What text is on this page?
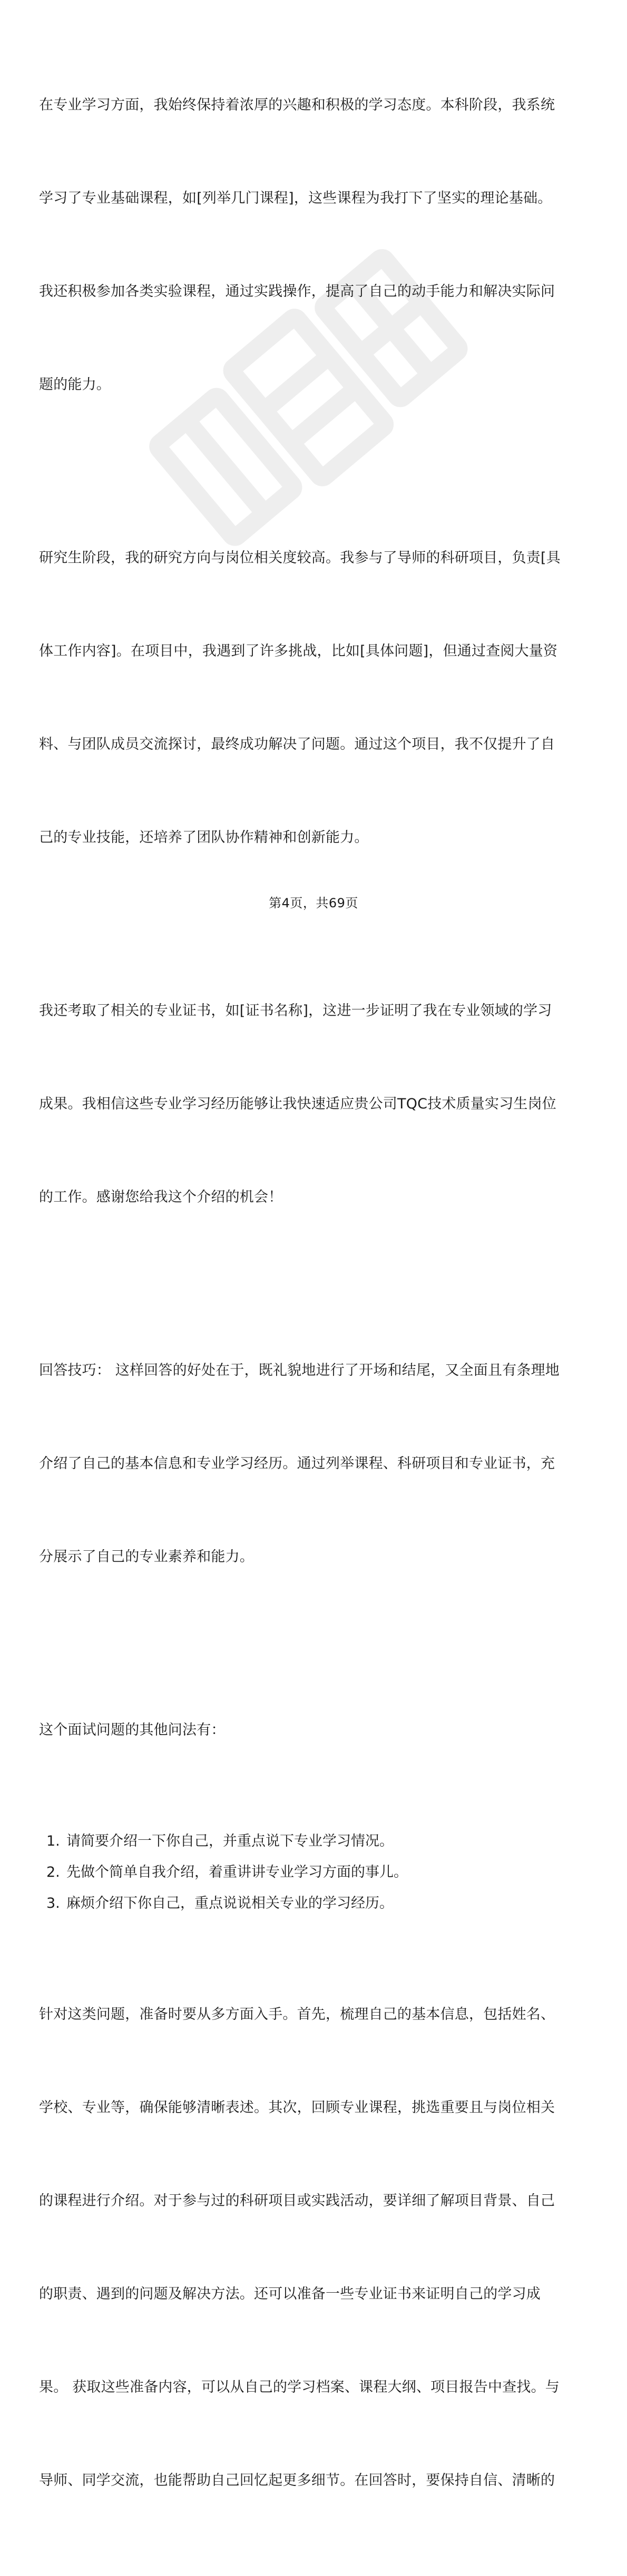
在专业学习方面，我始终保持着浓厚的兴趣和积极的学习态度。本科阶段，我系统

学习了专业基础课程，如[列举几门课程]，这些课程为我打下了坚实的理论基础。

我还积极参加各类实验课程，通过实践操作，提高了自己的动手能力和解决实际问

题的能力。

研究生阶段，我的研究方向与岗位相关度较高。我参与了导师的科研项目，负责[具

体工作内容]。在项目中，我遇到了许多挑战，比如[具体问题]，但通过查阅大量资

料、与团队成员交流探讨，最终成功解决了问题。通过这个项目，我不仅提升了自

己的专业技能，还培养了团队协作精神和创新能力。

我还考取了相关的专业证书，如[证书名称]，这进一步证明了我在专业领域的学习

成果。我相信这些专业学习经历能够让我快速适应贵公司TQC技术质量实习生岗位

的工作。感谢您给我这个介绍的机会！

回答技巧： 这样回答的好处在于，既礼貌地进行了开场和结尾，又全面且有条理地

介绍了自己的基本信息和专业学习经历。通过列举课程、科研项目和专业证书，充

分展示了自己的专业素养和能力。

这个面试问题的其他问法有：

1. 请简要介绍一下你自己，并重点说下专业学习情况。
2. 先做个简单自我介绍，着重讲讲专业学习方面的事儿。
3. 麻烦介绍下你自己，重点说说相关专业的学习经历。

针对这类问题，准备时要从多方面入手。首先，梳理自己的基本信息，包括姓名、

学校、专业等，确保能够清晰表述。其次，回顾专业课程，挑选重要且与岗位相关

的课程进行介绍。对于参与过的科研项目或实践活动，要详细了解项目背景、自己

的职责、遇到的问题及解决方法。还可以准备一些专业证书来证明自己的学习成

果。 获取这些准备内容，可以从自己的学习档案、课程大纲、项目报告中查找。与

导师、同学交流，也能帮助自己回忆起更多细节。在回答时，要保持自信、清晰的

第4页，共69页
